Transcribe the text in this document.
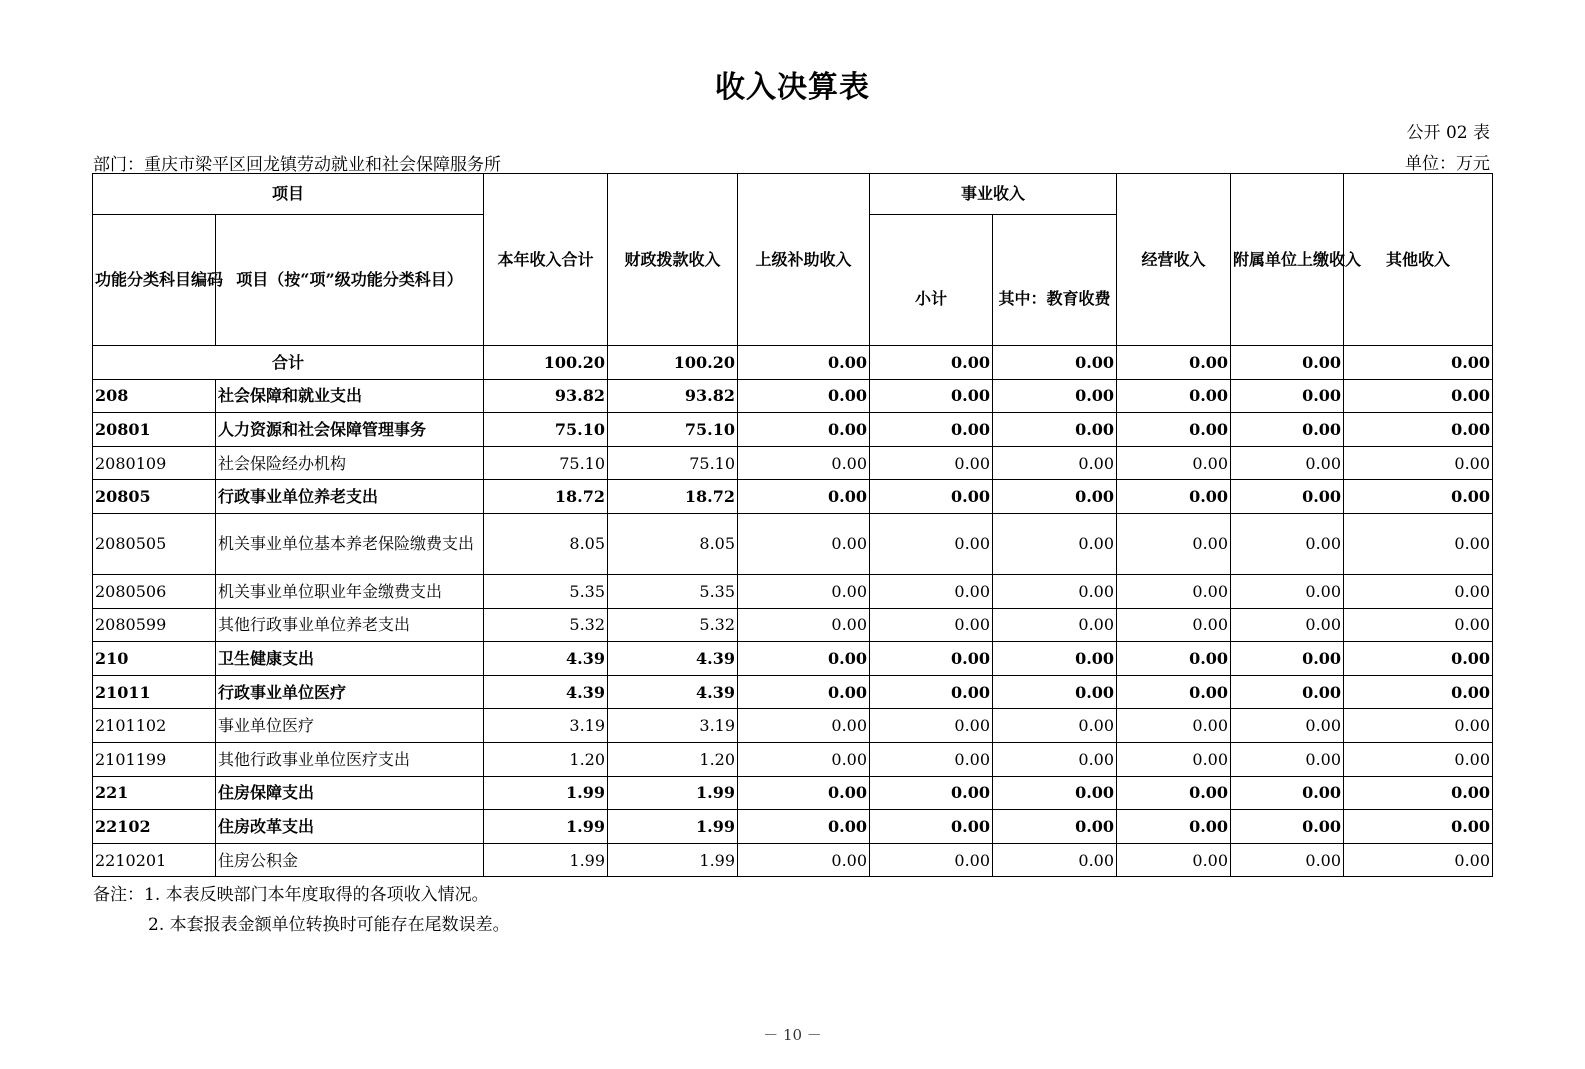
收入决算表
公开 02 表
部门：重庆市梁平区回龙镇劳动就业和社会保障服务所	单位：万元
项目		本年收入合计	财政拨款收入	上级补助收入	事业收入		经营收入	附属单位上缴收入	其他收入
功能分类科目编码	项目（按“项”级功能分类科目）				小计	其中：教育收费			
合计		100.20	100.20	0.00	0.00	0.00	0.00	0.00	0.00
208	社会保障和就业支出	93.82	93.82	0.00	0.00	0.00	0.00	0.00	0.00
20801	人力资源和社会保障管理事务	75.10	75.10	0.00	0.00	0.00	0.00	0.00	0.00
2080109	社会保险经办机构	75.10	75.10	0.00	0.00	0.00	0.00	0.00	0.00
20805	行政事业单位养老支出	18.72	18.72	0.00	0.00	0.00	0.00	0.00	0.00
2080505	机关事业单位基本养老保险缴费支出	8.05	8.05	0.00	0.00	0.00	0.00	0.00	0.00
2080506	机关事业单位职业年金缴费支出	5.35	5.35	0.00	0.00	0.00	0.00	0.00	0.00
2080599	其他行政事业单位养老支出	5.32	5.32	0.00	0.00	0.00	0.00	0.00	0.00
210	卫生健康支出	4.39	4.39	0.00	0.00	0.00	0.00	0.00	0.00
21011	行政事业单位医疗	4.39	4.39	0.00	0.00	0.00	0.00	0.00	0.00
2101102	事业单位医疗	3.19	3.19	0.00	0.00	0.00	0.00	0.00	0.00
2101199	其他行政事业单位医疗支出	1.20	1.20	0.00	0.00	0.00	0.00	0.00	0.00
221	住房保障支出	1.99	1.99	0.00	0.00	0.00	0.00	0.00	0.00
22102	住房改革支出	1.99	1.99	0.00	0.00	0.00	0.00	0.00	0.00
2210201	住房公积金	1.99	1.99	0.00	0.00	0.00	0.00	0.00	0.00
备注：1. 本表反映部门本年度取得的各项收入情况。
2. 本套报表金额单位转换时可能存在尾数误差。
－ 10 －
